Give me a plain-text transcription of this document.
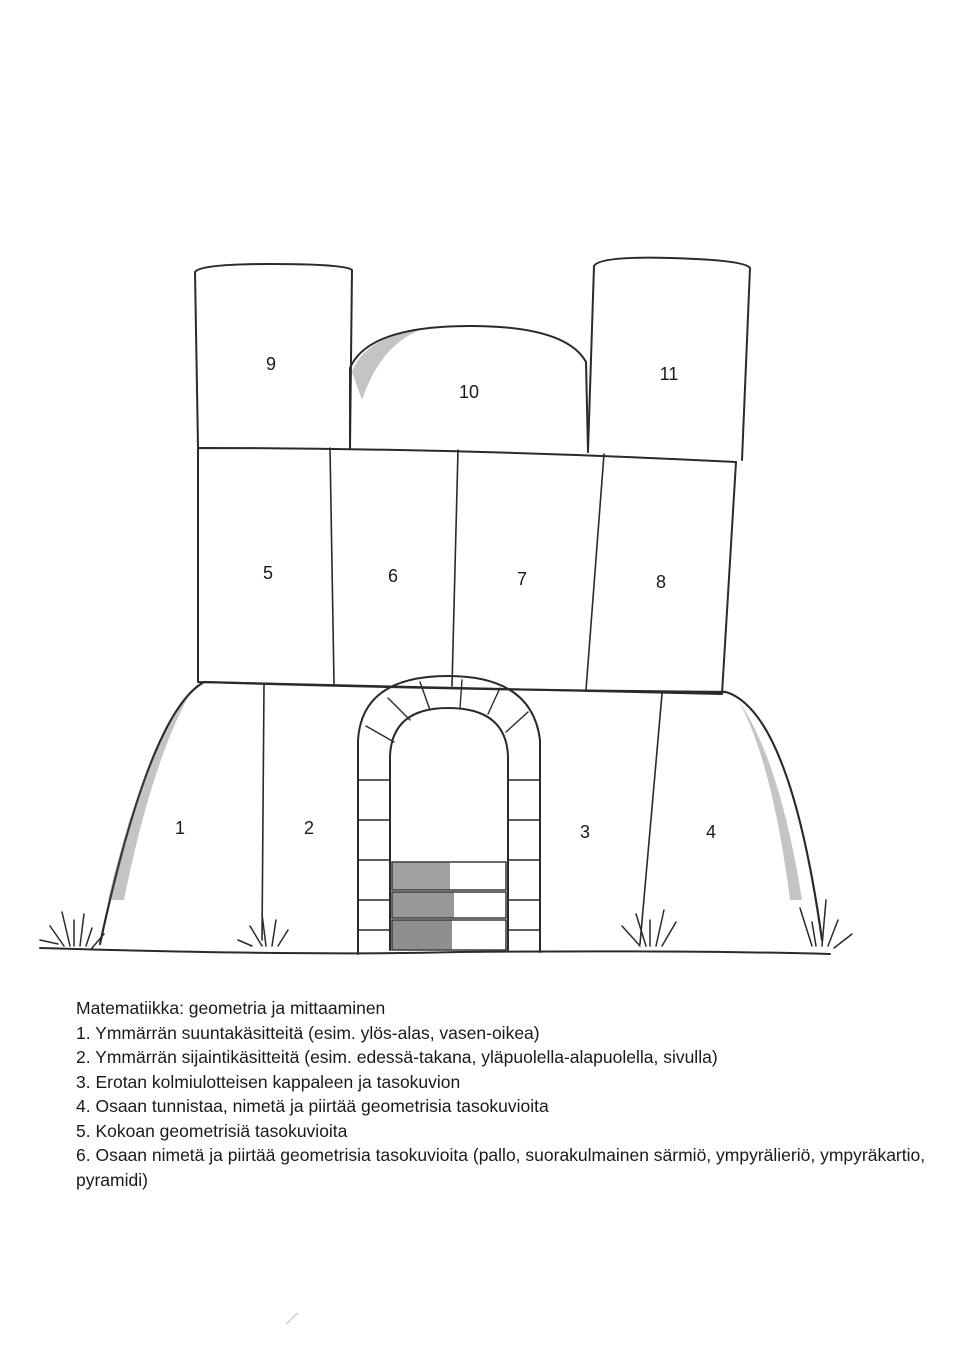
1	2	3	4
5	6	7	8
9
10
11

Matematiikka: geometria ja mittaaminen

1. Ymmärrän suuntakäsitteitä (esim. ylös-alas, vasen-oikea)
2. Ymmärrän sijaintikäsitteitä (esim. edessä-takana, yläpuolella-alapuolella, sivulla)
3. Erotan kolmiulotteisen kappaleen ja tasokuvion
4. Osaan tunnistaa, nimetä ja piirtää geometrisia tasokuvioita
5. Kokoan geometrisiä tasokuvioita
6. Osaan nimetä ja piirtää geometrisia tasokuvioita (pallo, suorakulmainen särmiö, ympyrälieriö, ympyräkartio, pyramidi)
